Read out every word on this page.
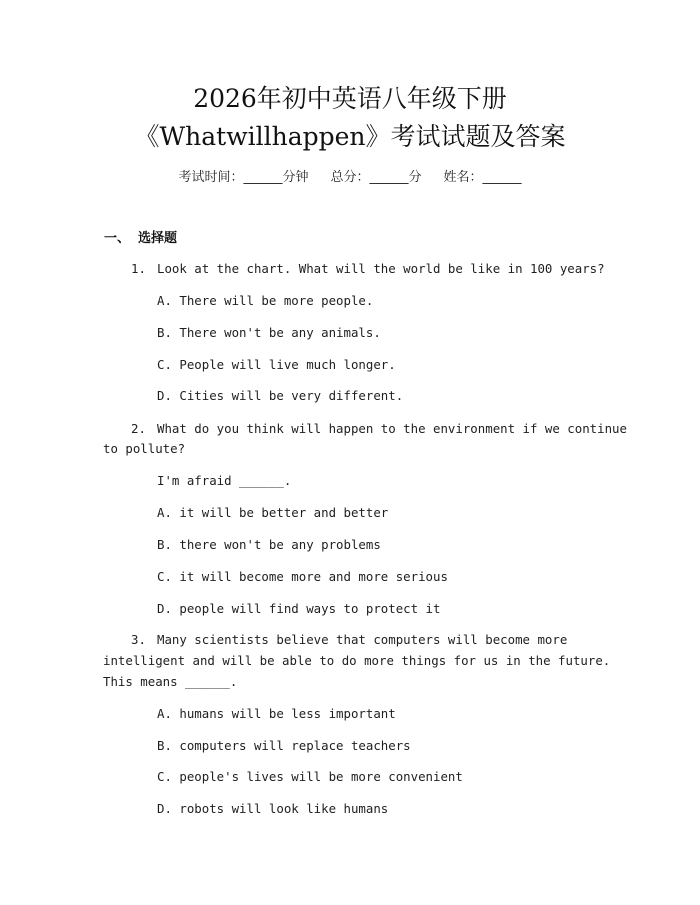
2026年初中英语八年级下册
《Whatwillhappen》考试试题及答案
考试时间：______分钟 总分：______分 姓名：______
一、 选择题
1. Look at the chart. What will the world be like in 100 years?
A. There will be more people.
B. There won't be any animals.
C. People will live much longer.
D. Cities will be very different.
2. What do you think will happen to the environment if we continue
to pollute?
I'm afraid ______.
A. it will be better and better
B. there won't be any problems
C. it will become more and more serious
D. people will find ways to protect it
3. Many scientists believe that computers will become more
intelligent and will be able to do more things for us in the future.
This means ______.
A. humans will be less important
B. computers will replace teachers
C. people's lives will be more convenient
D. robots will look like humans
